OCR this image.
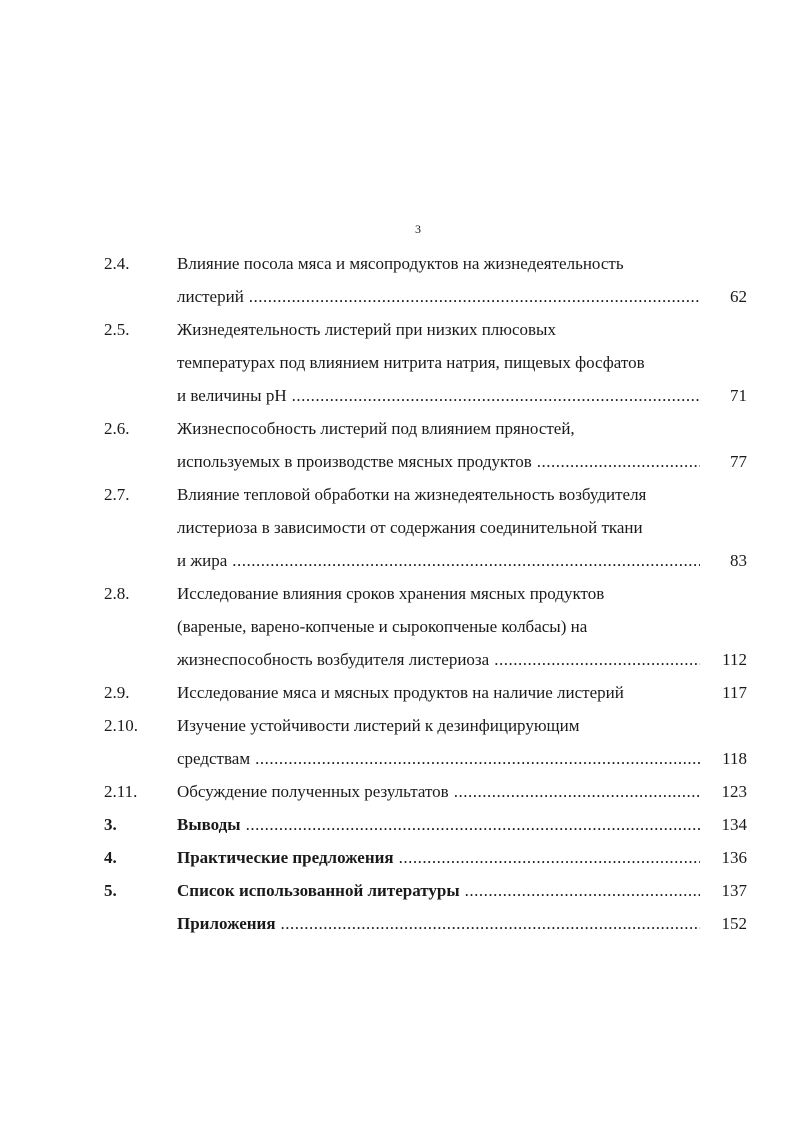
3
2.4.	Влияние посола мяса и мясопродуктов на жизнедеятельность
листерий .....	62
2.5.	Жизнедеятельность листерий при низких плюсовых
температурах под влиянием нитрита натрия, пищевых фосфатов
и величины pH .....	71
2.6.	Жизнеспособность листерий под влиянием пряностей,
используемых в производстве мясных продуктов .....	77
2.7.	Влияние тепловой обработки на жизнедеятельность возбудителя
листериоза в зависимости от содержания соединительной ткани
и жира .....	83
2.8.	Исследование влияния сроков хранения мясных продуктов
(вареные, варено-копченые и сырокопченые колбасы) на
жизнеспособность возбудителя листериоза .....	112
2.9.	Исследование мяса и мясных продуктов на наличие листерий	117
2.10. Изучение устойчивости листерий к дезинфицирующим
средствам .....	118
2.11. Обсуждение полученных результатов .....	123
3.	Выводы .....	134
4.	Практические предложения .....	136
5.	Список использованной литературы .....	137
Приложения .....	152
